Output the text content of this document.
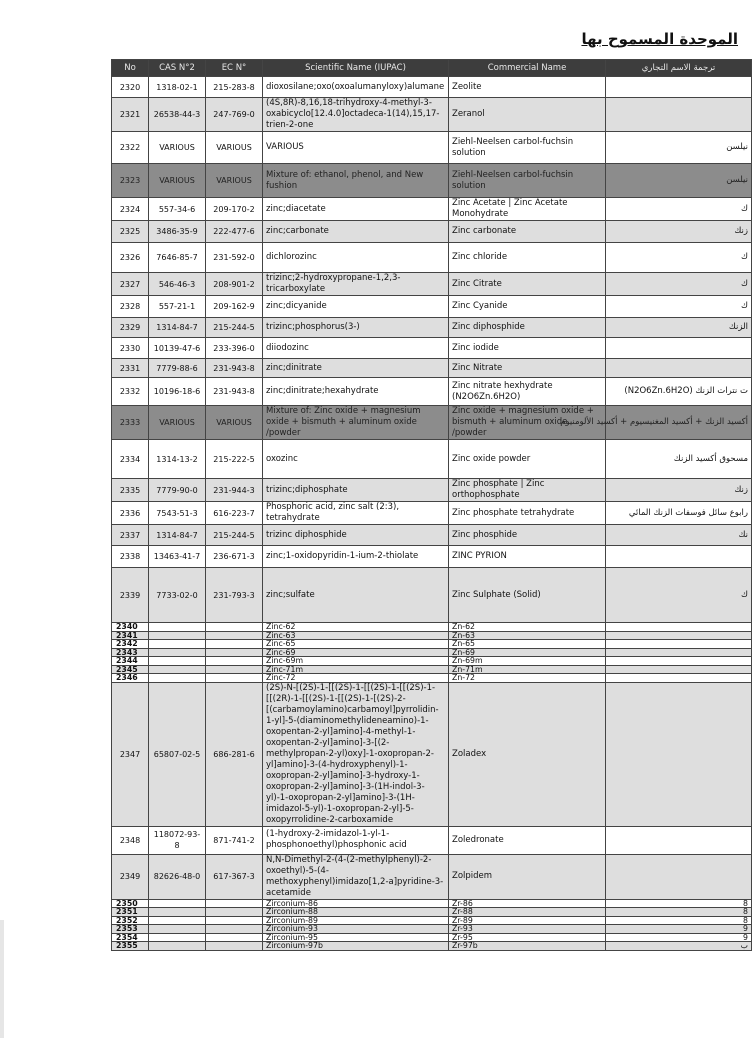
الموحدة المسموح بها
No	CAS N°2	EC N°	Scientific Name (IUPAC)	Commercial Name	ترجمة الاسم التجاري
2320	1318-02-1	215-283-8	dioxosilane;oxo(oxoalumanyloxy)alumane	Zeolite	
2321	26538-44-3	247-769-0	(4S,8R)-8,16,18-trihydroxy-4-methyl-3-oxabicyclo[12.4.0]octadeca-1(14),15,17-trien-2-one	Zeranol	
2322	VARIOUS	VARIOUS	VARIOUS	Ziehl-Neelsen carbol-fuchsin solution	نيلسن
2323	VARIOUS	VARIOUS	Mixture of: ethanol, phenol, and New fushion	Ziehl-Neelsen carbol-fuchsin solution	نيلسن
2324	557-34-6	209-170-2	zinc;diacetate	Zinc Acetate | Zinc Acetate Monohydrate	ك
2325	3486-35-9	222-477-6	zinc;carbonate	Zinc carbonate	زنك
2326	7646-85-7	231-592-0	dichlorozinc	Zinc chloride	ك
2327	546-46-3	208-901-2	trizinc;2-hydroxypropane-1,2,3-tricarboxylate	Zinc Citrate	ك
2328	557-21-1	209-162-9	zinc;dicyanide	Zinc Cyanide	ك
2329	1314-84-7	215-244-5	trizinc;phosphorus(3-)	Zinc diphosphide	الزنك
2330	10139-47-6	233-396-0	diiodozinc	Zinc iodide	
2331	7779-88-6	231-943-8	zinc;dinitrate	Zinc Nitrate	
2332	10196-18-6	231-943-8	zinc;dinitrate;hexahydrate	Zinc nitrate hexhydrate (N2O6Zn.6H2O)	ت نترات الزنك (N2O6Zn.6H2O)
2333	VARIOUS	VARIOUS	Mixture of: Zinc oxide + magnesium oxide + bismuth + aluminum oxide /powder	Zinc oxide + magnesium oxide + bismuth + aluminum oxide /powder	أكسيد الزنك + أكسيد المغنيسيوم + أكسيد الألومنيوم
2334	1314-13-2	215-222-5	oxozinc	Zinc oxide powder	مسحوق أكسيد الزنك
2335	7779-90-0	231-944-3	trizinc;diphosphate	Zinc phosphate | Zinc orthophosphate	زنك
2336	7543-51-3	616-223-7	Phosphoric acid, zinc salt (2:3), tetrahydrate	Zinc phosphate tetrahydrate	رابوع سائل فوسفات الزنك المائي
2337	1314-84-7	215-244-5	trizinc diphosphide	Zinc phosphide	نك
2338	13463-41-7	236-671-3	zinc;1-oxidopyridin-1-ium-2-thiolate	ZINC PYRION	
2339	7733-02-0	231-793-3	zinc;sulfate	Zinc Sulphate (Solid)	ك
2340			Zinc-62	Zn-62	
2341			Zinc-63	Zn-63	
2342			Zinc-65	Zn-65	
2343			Zinc-69	Zn-69	
2344			Zinc-69m	Zn-69m	
2345			Zinc-71m	Zn-71m	
2346			Zinc-72	Zn-72	
2347	65807-02-5	686-281-6	(2S)-N-[(2S)-1-[[(2S)-1-[[(2S)-1-[[(2S)-1-[[(2R)-1-[[(2S)-1-[[(2S)-1-[(2S)-2-[(carbamoylamino)carbamoyl]pyrrolidin-1-yl]-5-(diaminomethylideneamino)-1-oxopentan-2-yl]amino]-4-methyl-1-oxopentan-2-yl]amino]-3-[(2-methylpropan-2-yl)oxy]-1-oxopropan-2-yl]amino]-3-(4-hydroxyphenyl)-1-oxopropan-2-yl]amino]-3-hydroxy-1-oxopropan-2-yl]amino]-3-(1H-indol-3-yl)-1-oxopropan-2-yl]amino]-3-(1H-imidazol-5-yl)-1-oxopropan-2-yl]-5-oxopyrrolidine-2-carboxamide	Zoladex	
2348	118072-93-8	871-741-2	(1-hydroxy-2-imidazol-1-yl-1-phosphonoethyl)phosphonic acid	Zoledronate	
2349	82626-48-0	617-367-3	N,N-Dimethyl-2-(4-(2-methylphenyl)-2-oxoethyl)-5-(4-methoxyphenyl)imidazo[1,2-a]pyridine-3-acetamide	Zolpidem	
2350			Zirconium-86	Zr-86	8
2351			Zirconium-88	Zr-88	8
2352			Zirconium-89	Zr-89	8
2353			Zirconium-93	Zr-93	9
2354			Zirconium-95	Zr-95	9
2355			Zirconium-97b	Zr-97b	ب
